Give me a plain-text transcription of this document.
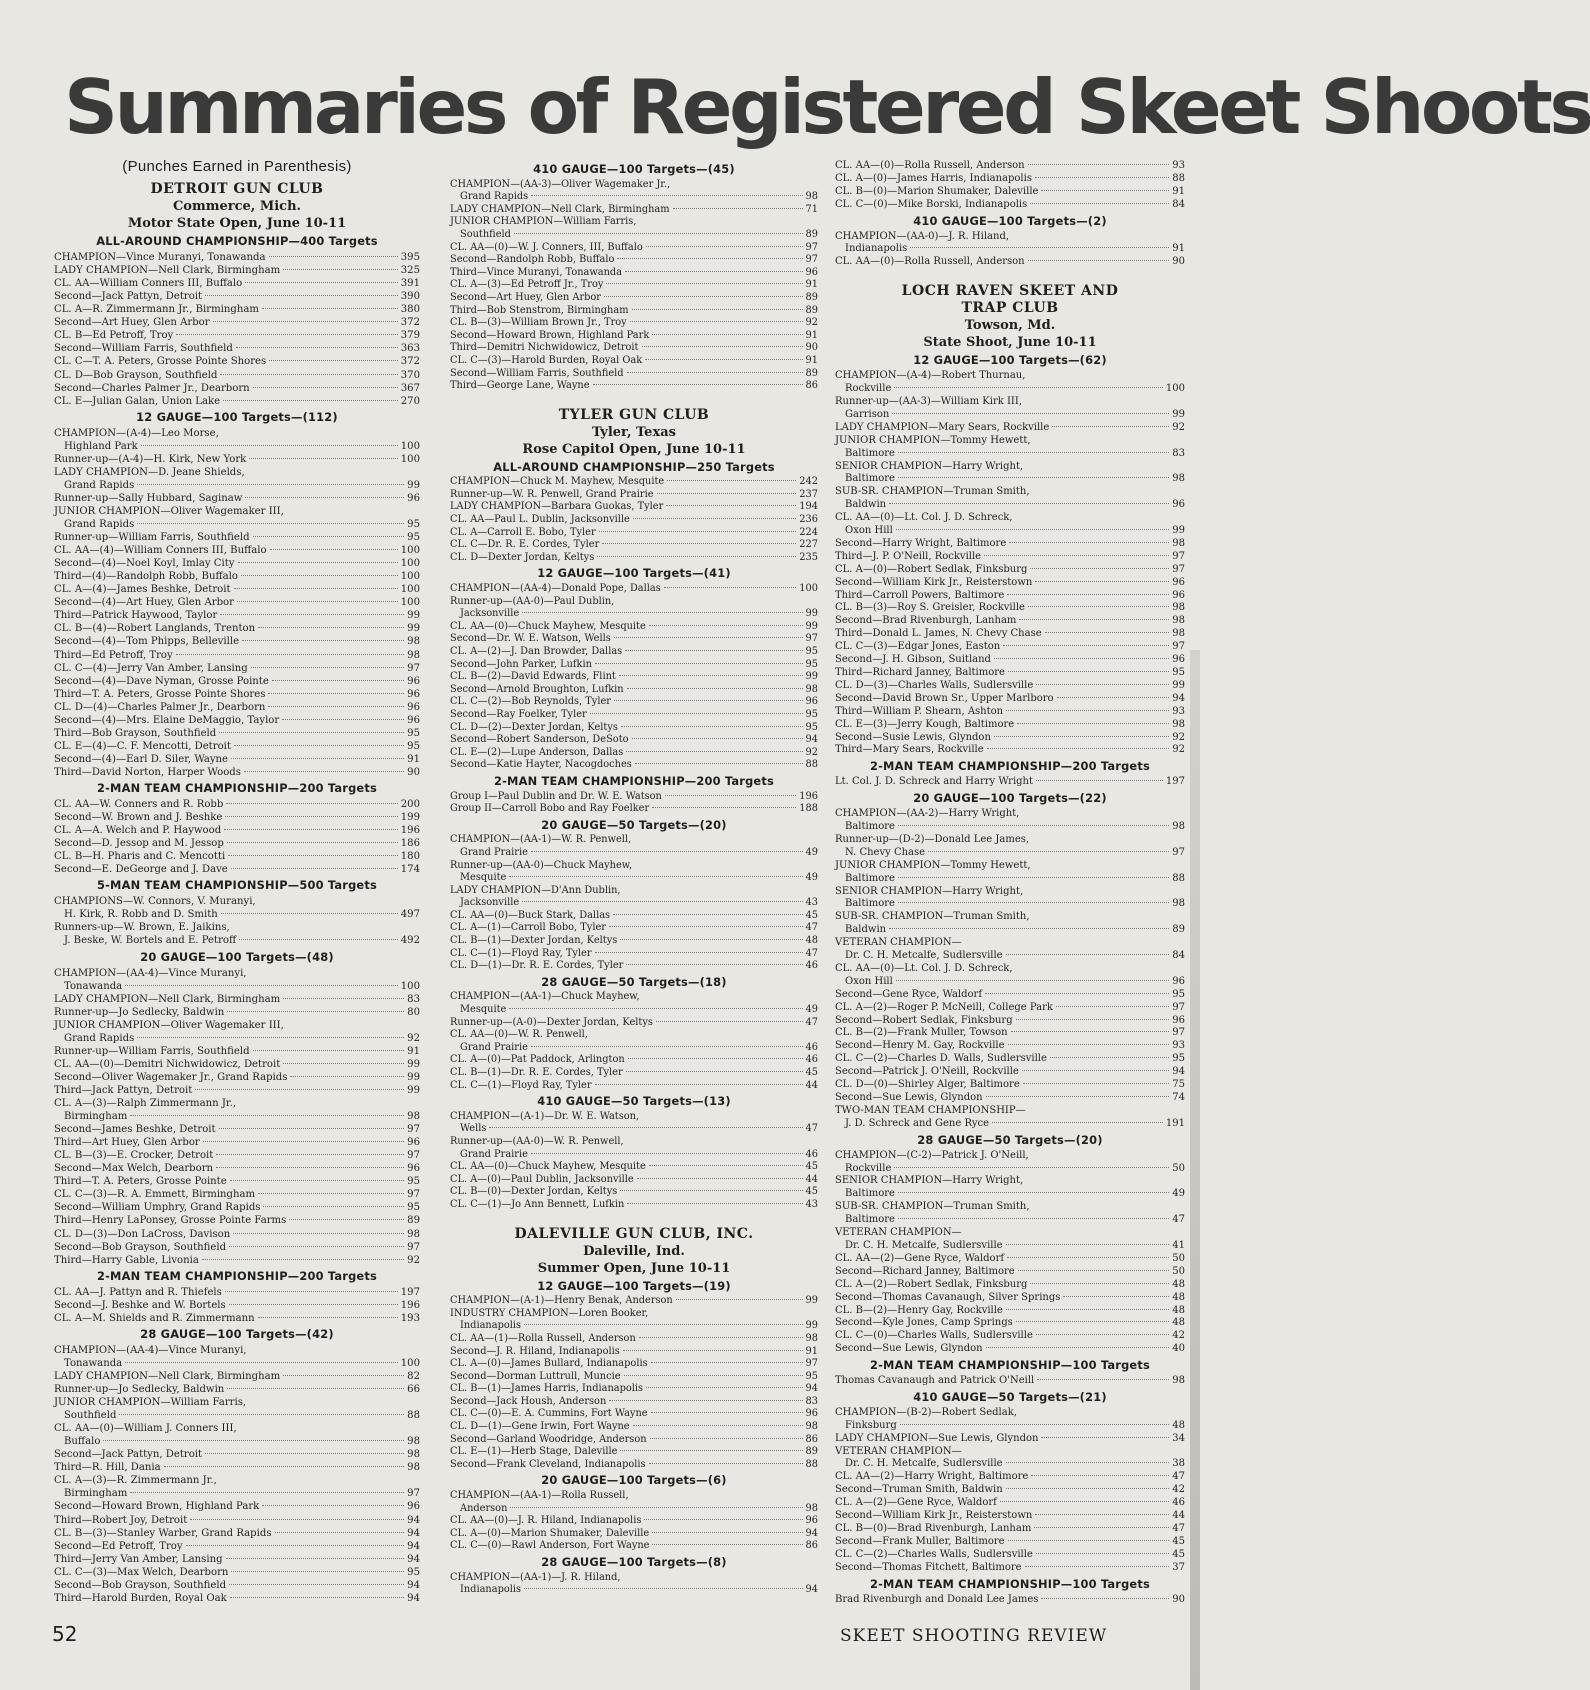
Summaries of Registered Skeet Shoots
(Punches Earned in Parenthesis)
DETROIT GUN CLUB
Commerce, Mich.
Motor State Open, June 10-11
ALL-AROUND CHAMPIONSHIP—400 Targets
CHAMPION—Vince Muranyi, Tonawanda	395
LADY CHAMPION—Nell Clark, Birmingham	325
CL. AA—William Conners III, Buffalo	391
Second—Jack Pattyn, Detroit	390
CL. A—R. Zimmermann Jr., Birmingham	380
Second—Art Huey, Glen Arbor	372
CL. B—Ed Petroff, Troy	379
Second—William Farris, Southfield	363
CL. C—T. A. Peters, Grosse Pointe Shores	372
CL. D—Bob Grayson, Southfield	370
Second—Charles Palmer Jr., Dearborn	367
CL. E—Julian Galan, Union Lake	270
12 GAUGE—100 Targets—(112)
CHAMPION—(A-4)—Leo Morse,
Highland Park	100
Runner-up—(A-4)—H. Kirk, New York	100
LADY CHAMPION—D. Jeane Shields,
Grand Rapids	99
Runner-up—Sally Hubbard, Saginaw	96
JUNIOR CHAMPION—Oliver Wagemaker III,
Grand Rapids	95
Runner-up—William Farris, Southfield	95
CL. AA—(4)—William Conners III, Buffalo	100
Second—(4)—Noel Koyl, Imlay City	100
Third—(4)—Randolph Robb, Buffalo	100
CL. A—(4)—James Beshke, Detroit	100
Second—(4)—Art Huey, Glen Arbor	100
Third—Patrick Haywood, Taylor	99
CL. B—(4)—Robert Langlands, Trenton	99
Second—(4)—Tom Phipps, Belleville	98
Third—Ed Petroff, Troy	98
CL. C—(4)—Jerry Van Amber, Lansing	97
Second—(4)—Dave Nyman, Grosse Pointe	96
Third—T. A. Peters, Grosse Pointe Shores	96
CL. D—(4)—Charles Palmer Jr., Dearborn	96
Second—(4)—Mrs. Elaine DeMaggio, Taylor	96
Third—Bob Grayson, Southfield	95
CL. E—(4)—C. F. Mencotti, Detroit	95
Second—(4)—Earl D. Siler, Wayne	91
Third—David Norton, Harper Woods	90
2-MAN TEAM CHAMPIONSHIP—200 Targets
CL. AA—W. Conners and R. Robb	200
Second—W. Brown and J. Beshke	199
CL. A—A. Welch and P. Haywood	196
Second—D. Jessop and M. Jessop	186
CL. B—H. Pharis and C. Mencotti	180
Second—E. DeGeorge and J. Dave	174
5-MAN TEAM CHAMPIONSHIP—500 Targets
CHAMPIONS—W. Connors, V. Muranyi,
H. Kirk, R. Robb and D. Smith	497
Runners-up—W. Brown, E. Jaikins,
J. Beske, W. Bortels and E. Petroff	492
20 GAUGE—100 Targets—(48)
CHAMPION—(AA-4)—Vince Muranyi,
Tonawanda	100
LADY CHAMPION—Nell Clark, Birmingham	83
Runner-up—Jo Sedlecky, Baldwin	80
JUNIOR CHAMPION—Oliver Wagemaker III,
Grand Rapids	92
Runner-up—William Farris, Southfield	91
CL. AA—(0)—Demitri Nichwidowicz, Detroit	99
Second—Oliver Wagemaker Jr., Grand Rapids	99
Third—Jack Pattyn, Detroit	99
CL. A—(3)—Ralph Zimmermann Jr.,
Birmingham	98
Second—James Beshke, Detroit	97
Third—Art Huey, Glen Arbor	96
CL. B—(3)—E. Crocker, Detroit	97
Second—Max Welch, Dearborn	96
Third—T. A. Peters, Grosse Pointe	95
CL. C—(3)—R. A. Emmett, Birmingham	97
Second—William Umphry, Grand Rapids	95
Third—Henry LaPonsey, Grosse Pointe Farms	89
CL. D—(3)—Don LaCross, Davison	98
Second—Bob Grayson, Southfield	97
Third—Harry Gable, Livonia	92
2-MAN TEAM CHAMPIONSHIP—200 Targets
CL. AA—J. Pattyn and R. Thiefels	197
Second—J. Beshke and W. Bortels	196
CL. A—M. Shields and R. Zimmermann	193
28 GAUGE—100 Targets—(42)
CHAMPION—(AA-4)—Vince Muranyi,
Tonawanda	100
LADY CHAMPION—Nell Clark, Birmingham	82
Runner-up—Jo Sedlecky, Baldwin	66
JUNIOR CHAMPION—William Farris,
Southfield	88
CL. AA—(0)—William J. Conners III,
Buffalo	98
Second—Jack Pattyn, Detroit	98
Third—R. Hill, Dania	98
CL. A—(3)—R. Zimmermann Jr.,
Birmingham	97
Second—Howard Brown, Highland Park	96
Third—Robert Joy, Detroit	94
CL. B—(3)—Stanley Warber, Grand Rapids	94
Second—Ed Petroff, Troy	94
Third—Jerry Van Amber, Lansing	94
CL. C—(3)—Max Welch, Dearborn	95
Second—Bob Grayson, Southfield	94
Third—Harold Burden, Royal Oak	94
410 GAUGE—100 Targets—(45)
CHAMPION—(AA-3)—Oliver Wagemaker Jr.,
Grand Rapids	98
LADY CHAMPION—Nell Clark, Birmingham	71
JUNIOR CHAMPION—William Farris,
Southfield	89
CL. AA—(0)—W. J. Conners, III, Buffalo	97
Second—Randolph Robb, Buffalo	97
Third—Vince Muranyi, Tonawanda	96
CL. A—(3)—Ed Petroff Jr., Troy	91
Second—Art Huey, Glen Arbor	89
Third—Bob Stenstrom, Birmingham	89
CL. B—(3)—William Brown Jr., Troy	92
Second—Howard Brown, Highland Park	91
Third—Demitri Nichwidowicz, Detroit	90
CL. C—(3)—Harold Burden, Royal Oak	91
Second—William Farris, Southfield	89
Third—George Lane, Wayne	86
TYLER GUN CLUB
Tyler, Texas
Rose Capitol Open, June 10-11
ALL-AROUND CHAMPIONSHIP—250 Targets
CHAMPION—Chuck M. Mayhew, Mesquite	242
Runner-up—W. R. Penwell, Grand Prairie	237
LADY CHAMPION—Barbara Guokas, Tyler	194
CL. AA—Paul L. Dublin, Jacksonville	236
CL. A—Carroll E. Bobo, Tyler	224
CL. C—Dr. R. E. Cordes, Tyler	227
CL. D—Dexter Jordan, Keltys	235
12 GAUGE—100 Targets—(41)
CHAMPION—(AA-4)—Donald Pope, Dallas	100
Runner-up—(AA-0)—Paul Dublin,
Jacksonville	99
CL. AA—(0)—Chuck Mayhew, Mesquite	99
Second—Dr. W. E. Watson, Wells	97
CL. A—(2)—J. Dan Browder, Dallas	95
Second—John Parker, Lufkin	95
CL. B—(2)—David Edwards, Flint	99
Second—Arnold Broughton, Lufkin	98
CL. C—(2)—Bob Reynolds, Tyler	96
Second—Ray Foelker, Tyler	95
CL. D—(2)—Dexter Jordan, Keltys	95
Second—Robert Sanderson, DeSoto	94
CL. E—(2)—Lupe Anderson, Dallas	92
Second—Katie Hayter, Nacogdoches	88
2-MAN TEAM CHAMPIONSHIP—200 Targets
Group I—Paul Dublin and Dr. W. E. Watson	196
Group II—Carroll Bobo and Ray Foelker	188
20 GAUGE—50 Targets—(20)
CHAMPION—(AA-1)—W. R. Penwell,
Grand Prairie	49
Runner-up—(AA-0)—Chuck Mayhew,
Mesquite	49
LADY CHAMPION—D'Ann Dublin,
Jacksonville	43
CL. AA—(0)—Buck Stark, Dallas	45
CL. A—(1)—Carroll Bobo, Tyler	47
CL. B—(1)—Dexter Jordan, Keltys	48
CL. C—(1)—Floyd Ray, Tyler	47
CL. D—(1)—Dr. R. E. Cordes, Tyler	46
28 GAUGE—50 Targets—(18)
CHAMPION—(AA-1)—Chuck Mayhew,
Mesquite	49
Runner-up—(A-0)—Dexter Jordan, Keltys	47
CL. AA—(0)—W. R. Penwell,
Grand Prairie	46
CL. A—(0)—Pat Paddock, Arlington	46
CL. B—(1)—Dr. R. E. Cordes, Tyler	45
CL. C—(1)—Floyd Ray, Tyler	44
410 GAUGE—50 Targets—(13)
CHAMPION—(A-1)—Dr. W. E. Watson,
Wells	47
Runner-up—(AA-0)—W. R. Penwell,
Grand Prairie	46
CL. AA—(0)—Chuck Mayhew, Mesquite	45
CL. A—(0)—Paul Dublin, Jacksonville	44
CL. B—(0)—Dexter Jordan, Keltys	45
CL. C—(1)—Jo Ann Bennett, Lufkin	43
DALEVILLE GUN CLUB, INC.
Daleville, Ind.
Summer Open, June 10-11
12 GAUGE—100 Targets—(19)
CHAMPION—(A-1)—Henry Benak, Anderson	99
INDUSTRY CHAMPION—Loren Booker,
Indianapolis	99
CL. AA—(1)—Rolla Russell, Anderson	98
Second—J. R. Hiland, Indianapolis	91
CL. A—(0)—James Bullard, Indianapolis	97
Second—Dorman Luttrull, Muncie	95
CL. B—(1)—James Harris, Indianapolis	94
Second—Jack Housh, Anderson	83
CL. C—(0)—E. A. Cummins, Fort Wayne	96
CL. D—(1)—Gene Irwin, Fort Wayne	98
Second—Garland Woodridge, Anderson	86
CL. E—(1)—Herb Stage, Daleville	89
Second—Frank Cleveland, Indianapolis	88
20 GAUGE—100 Targets—(6)
CHAMPION—(AA-1)—Rolla Russell,
Anderson	98
CL. AA—(0)—J. R. Hiland, Indianapolis	96
CL. A—(0)—Marion Shumaker, Daleville	94
CL. C—(0)—Rawl Anderson, Fort Wayne	86
28 GAUGE—100 Targets—(8)
CHAMPION—(AA-1)—J. R. Hiland,
Indianapolis	94
CL. AA—(0)—Rolla Russell, Anderson	93
CL. A—(0)—James Harris, Indianapolis	88
CL. B—(0)—Marion Shumaker, Daleville	91
CL. C—(0)—Mike Borski, Indianapolis	84
410 GAUGE—100 Targets—(2)
CHAMPION—(AA-0)—J. R. Hiland,
Indianapolis	91
CL. AA—(0)—Rolla Russell, Anderson	90
LOCH RAVEN SKEET AND
TRAP CLUB
Towson, Md.
State Shoot, June 10-11
12 GAUGE—100 Targets—(62)
CHAMPION—(A-4)—Robert Thurnau,
Rockville	100
Runner-up—(AA-3)—William Kirk III,
Garrison	99
LADY CHAMPION—Mary Sears, Rockville	92
JUNIOR CHAMPION—Tommy Hewett,
Baltimore	83
SENIOR CHAMPION—Harry Wright,
Baltimore	98
SUB-SR. CHAMPION—Truman Smith,
Baldwin	96
CL. AA—(0)—Lt. Col. J. D. Schreck,
Oxon Hill	99
Second—Harry Wright, Baltimore	98
Third—J. P. O'Neill, Rockville	97
CL. A—(0)—Robert Sedlak, Finksburg	97
Second—William Kirk Jr., Reisterstown	96
Third—Carroll Powers, Baltimore	96
CL. B—(3)—Roy S. Greisler, Rockville	98
Second—Brad Rivenburgh, Lanham	98
Third—Donald L. James, N. Chevy Chase	98
CL. C—(3)—Edgar Jones, Easton	97
Second—J. H. Gibson, Suitland	96
Third—Richard Janney, Baltimore	95
CL. D—(3)—Charles Walls, Sudlersville	99
Second—David Brown Sr., Upper Marlboro	94
Third—William P. Shearn, Ashton	93
CL. E—(3)—Jerry Kough, Baltimore	98
Second—Susie Lewis, Glyndon	92
Third—Mary Sears, Rockville	92
2-MAN TEAM CHAMPIONSHIP—200 Targets
Lt. Col. J. D. Schreck and Harry Wright	197
20 GAUGE—100 Targets—(22)
CHAMPION—(AA-2)—Harry Wright,
Baltimore	98
Runner-up—(D-2)—Donald Lee James,
N. Chevy Chase	97
JUNIOR CHAMPION—Tommy Hewett,
Baltimore	88
SENIOR CHAMPION—Harry Wright,
Baltimore	98
SUB-SR. CHAMPION—Truman Smith,
Baldwin	89
VETERAN CHAMPION—
Dr. C. H. Metcalfe, Sudlersville	84
CL. AA—(0)—Lt. Col. J. D. Schreck,
Oxon Hill	96
Second—Gene Ryce, Waldorf	95
CL. A—(2)—Roger P. McNeill, College Park	97
Second—Robert Sedlak, Finksburg	96
CL. B—(2)—Frank Muller, Towson	97
Second—Henry M. Gay, Rockville	93
CL. C—(2)—Charles D. Walls, Sudlersville	95
Second—Patrick J. O'Neill, Rockville	94
CL. D—(0)—Shirley Alger, Baltimore	75
Second—Sue Lewis, Glyndon	74
TWO-MAN TEAM CHAMPIONSHIP—
J. D. Schreck and Gene Ryce	191
28 GAUGE—50 Targets—(20)
CHAMPION—(C-2)—Patrick J. O'Neill,
Rockville	50
SENIOR CHAMPION—Harry Wright,
Baltimore	49
SUB-SR. CHAMPION—Truman Smith,
Baltimore	47
VETERAN CHAMPION—
Dr. C. H. Metcalfe, Sudlersville	41
CL. AA—(2)—Gene Ryce, Waldorf	50
Second—Richard Janney, Baltimore	50
CL. A—(2)—Robert Sedlak, Finksburg	48
Second—Thomas Cavanaugh, Silver Springs	48
CL. B—(2)—Henry Gay, Rockville	48
Second—Kyle Jones, Camp Springs	48
CL. C—(0)—Charles Walls, Sudlersville	42
Second—Sue Lewis, Glyndon	40
2-MAN TEAM CHAMPIONSHIP—100 Targets
Thomas Cavanaugh and Patrick O'Neill	98
410 GAUGE—50 Targets—(21)
CHAMPION—(B-2)—Robert Sedlak,
Finksburg	48
LADY CHAMPION—Sue Lewis, Glyndon	34
VETERAN CHAMPION—
Dr. C. H. Metcalfe, Sudlersville	38
CL. AA—(2)—Harry Wright, Baltimore	47
Second—Truman Smith, Baldwin	42
CL. A—(2)—Gene Ryce, Waldorf	46
Second—William Kirk Jr., Reisterstown	44
CL. B—(0)—Brad Rivenburgh, Lanham	47
Second—Frank Muller, Baltimore	45
CL. C—(2)—Charles Walls, Sudlersville	45
Second—Thomas Fitchett, Baltimore	37
2-MAN TEAM CHAMPIONSHIP—100 Targets
Brad Rivenburgh and Donald Lee James	90
52	SKEET SHOOTING REVIEW
